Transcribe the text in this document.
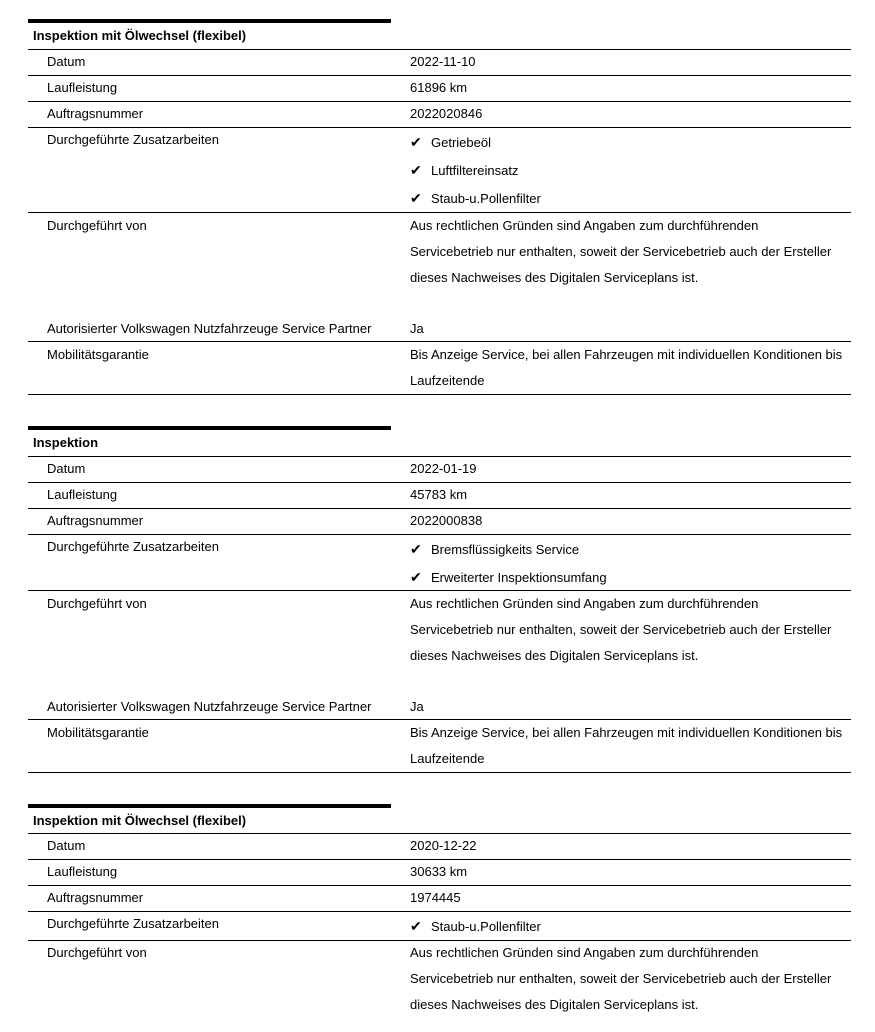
Inspektion mit Ölwechsel (flexibel)
Datum	2022-11-10
Laufleistung	61896 km
Auftragsnummer	2022020846
Durchgeführte Zusatzarbeiten	✔ Getriebeöl
✔ Luftfiltereinsatz
✔ Staub-u.Pollenfilter
Durchgeführt von	Aus rechtlichen Gründen sind Angaben zum durchführenden
Servicebetrieb nur enthalten, soweit der Servicebetrieb auch der Ersteller
dieses Nachweises des Digitalen Serviceplans ist.
Autorisierter Volkswagen Nutzfahrzeuge Service Partner	Ja
Mobilitätsgarantie	Bis Anzeige Service, bei allen Fahrzeugen mit individuellen Konditionen bis
Laufzeitende
Inspektion
Datum	2022-01-19
Laufleistung	45783 km
Auftragsnummer	2022000838
Durchgeführte Zusatzarbeiten	✔ Bremsflüssigkeits Service
✔ Erweiterter Inspektionsumfang
Durchgeführt von	Aus rechtlichen Gründen sind Angaben zum durchführenden
Servicebetrieb nur enthalten, soweit der Servicebetrieb auch der Ersteller
dieses Nachweises des Digitalen Serviceplans ist.
Autorisierter Volkswagen Nutzfahrzeuge Service Partner	Ja
Mobilitätsgarantie	Bis Anzeige Service, bei allen Fahrzeugen mit individuellen Konditionen bis
Laufzeitende
Inspektion mit Ölwechsel (flexibel)
Datum	2020-12-22
Laufleistung	30633 km
Auftragsnummer	1974445
Durchgeführte Zusatzarbeiten	✔ Staub-u.Pollenfilter
Durchgeführt von	Aus rechtlichen Gründen sind Angaben zum durchführenden
Servicebetrieb nur enthalten, soweit der Servicebetrieb auch der Ersteller
dieses Nachweises des Digitalen Serviceplans ist.
